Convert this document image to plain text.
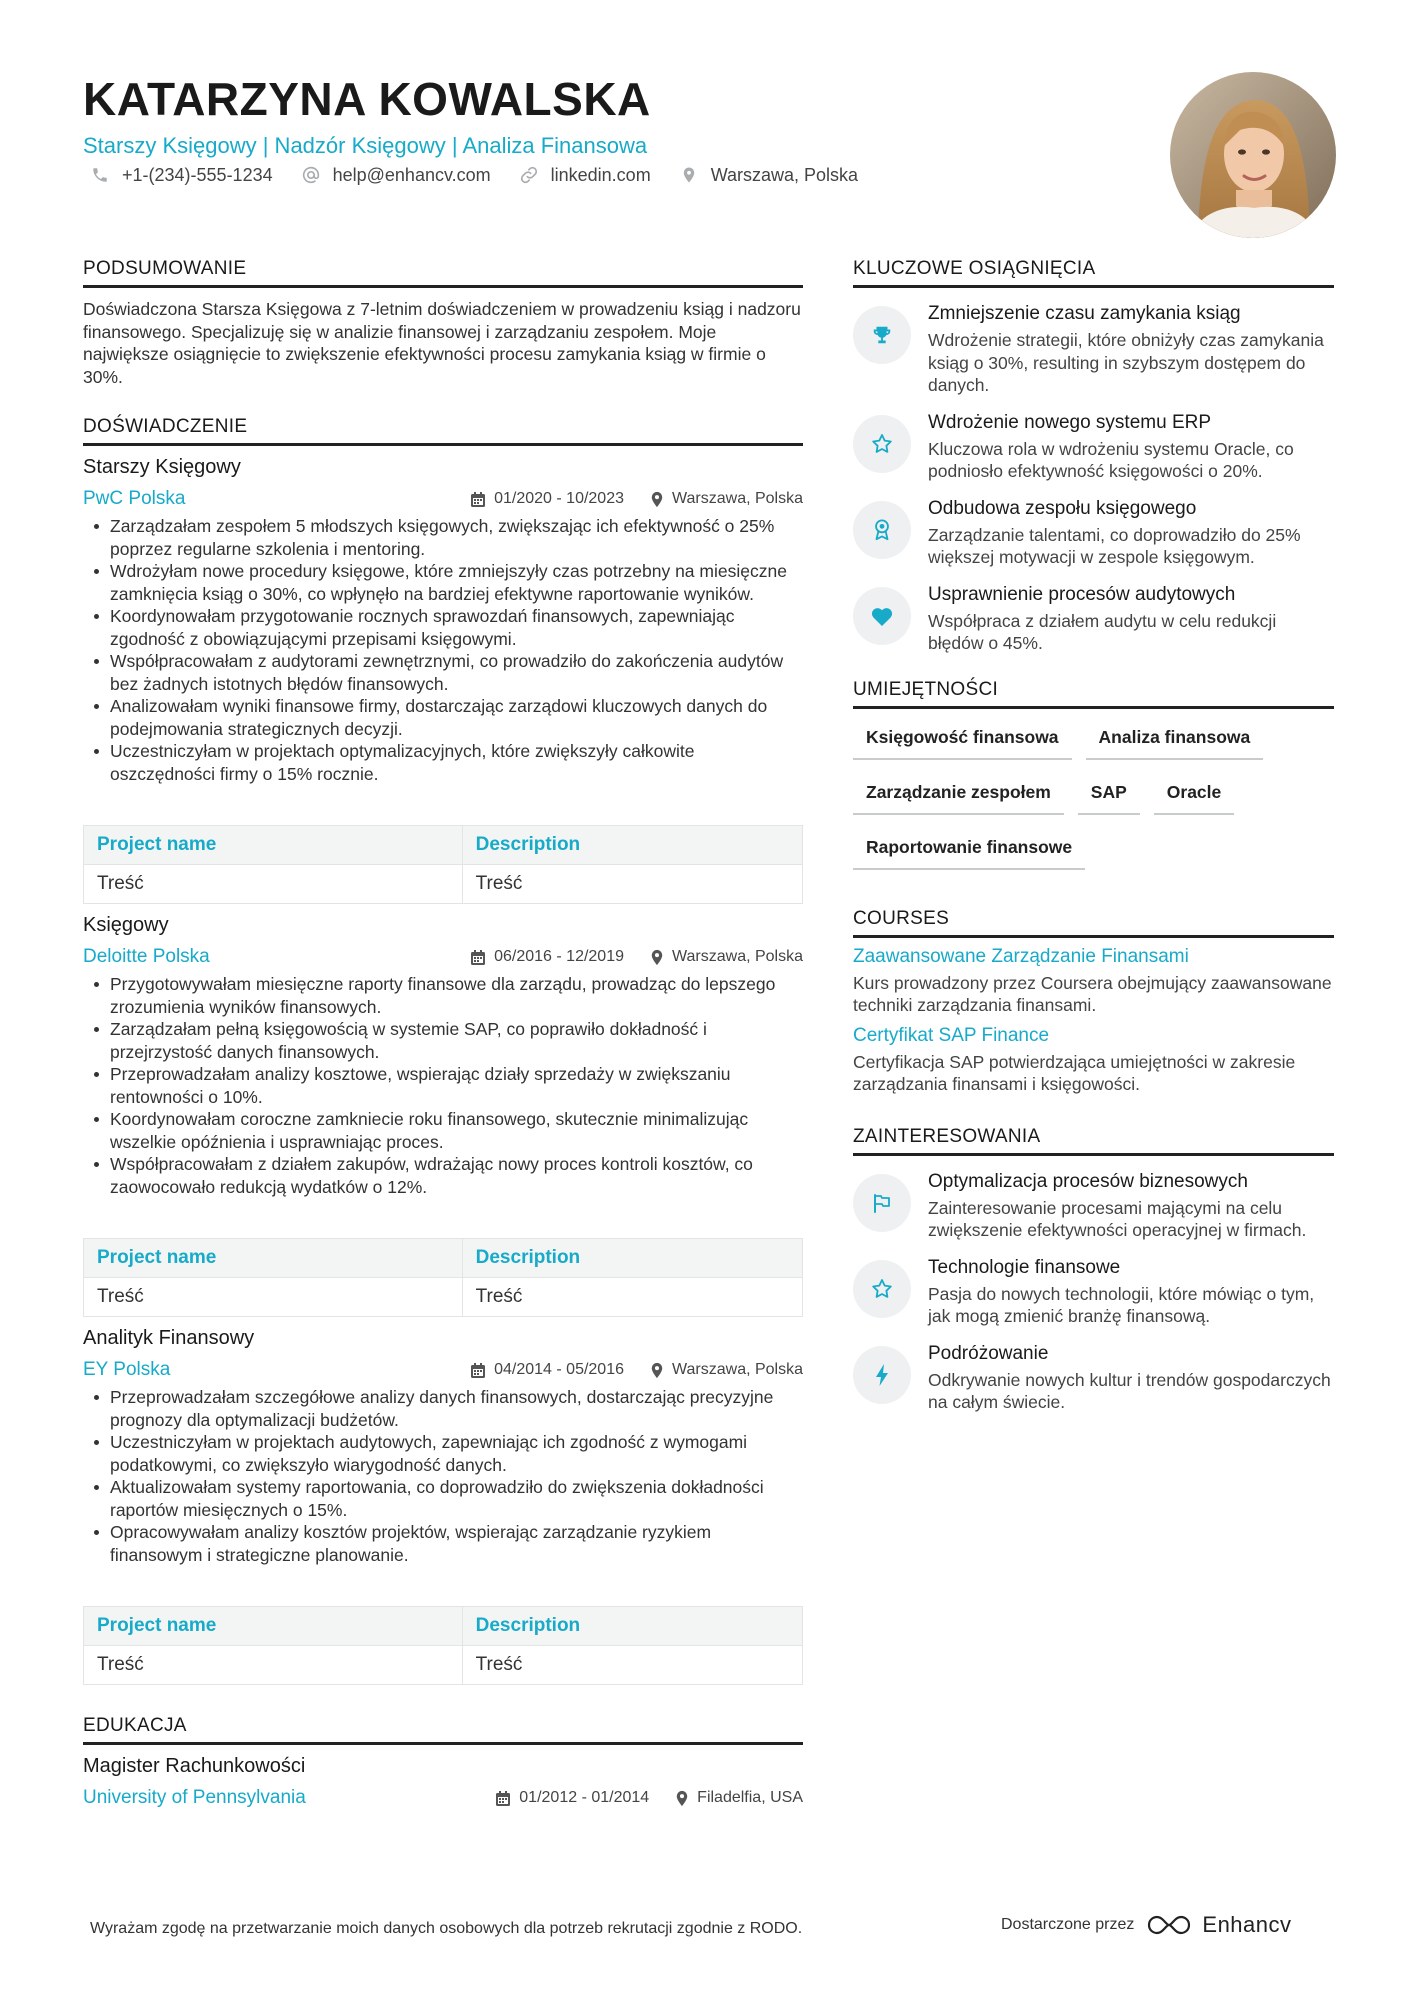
KATARZYNA KOWALSKA
Starszy Księgowy | Nadzór Księgowy | Analiza Finansowa
+1-(234)-555-1234	help@enhancv.com	linkedin.com	Warszawa, Polska
PODSUMOWANIE
Doświadczona Starsza Księgowa z 7-letnim doświadczeniem w prowadzeniu ksiąg i nadzoru finansowego. Specjalizuję się w analizie finansowej i zarządzaniu zespołem. Moje największe osiągnięcie to zwiększenie efektywności procesu zamykania ksiąg w firmie o 30%.
DOŚWIADCZENIE
Starszy Księgowy
PwC Polska	01/2020 - 10/2023	Warszawa, Polska
Zarządzałam zespołem 5 młodszych księgowych, zwiększając ich efektywność o 25% poprzez regularne szkolenia i mentoring.
Wdrożyłam nowe procedury księgowe, które zmniejszyły czas potrzebny na miesięczne zamknięcia ksiąg o 30%, co wpłynęło na bardziej efektywne raportowanie wyników.
Koordynowałam przygotowanie rocznych sprawozdań finansowych, zapewniając zgodność z obowiązującymi przepisami księgowymi.
Współpracowałam z audytorami zewnętrznymi, co prowadziło do zakończenia audytów bez żadnych istotnych błędów finansowych.
Analizowałam wyniki finansowe firmy, dostarczając zarządowi kluczowych danych do podejmowania strategicznych decyzji.
Uczestniczyłam w projektach optymalizacyjnych, które zwiększyły całkowite oszczędności firmy o 15% rocznie.
Project name	Description
Treść	Treść
Księgowy
Deloitte Polska	06/2016 - 12/2019	Warszawa, Polska
Przygotowywałam miesięczne raporty finansowe dla zarządu, prowadząc do lepszego zrozumienia wyników finansowych.
Zarządzałam pełną księgowością w systemie SAP, co poprawiło dokładność i przejrzystość danych finansowych.
Przeprowadzałam analizy kosztowe, wspierając działy sprzedaży w zwiększaniu rentowności o 10%.
Koordynowałam coroczne zamkniecie roku finansowego, skutecznie minimalizując wszelkie opóźnienia i usprawniając proces.
Współpracowałam z działem zakupów, wdrażając nowy proces kontroli kosztów, co zaowocowało redukcją wydatków o 12%.
Project name	Description
Treść	Treść
Analityk Finansowy
EY Polska	04/2014 - 05/2016	Warszawa, Polska
Przeprowadzałam szczegółowe analizy danych finansowych, dostarczając precyzyjne prognozy dla optymalizacji budżetów.
Uczestniczyłam w projektach audytowych, zapewniając ich zgodność z wymogami podatkowymi, co zwiększyło wiarygodność danych.
Aktualizowałam systemy raportowania, co doprowadziło do zwiększenia dokładności raportów miesięcznych o 15%.
Opracowywałam analizy kosztów projektów, wspierając zarządzanie ryzykiem finansowym i strategiczne planowanie.
Project name	Description
Treść	Treść
EDUKACJA
Magister Rachunkowości
University of Pennsylvania	01/2012 - 01/2014	Filadelfia, USA
KLUCZOWE OSIĄGNIĘCIA
Zmniejszenie czasu zamykania ksiąg
Wdrożenie strategii, które obniżyły czas zamykania ksiąg o 30%, resulting in szybszym dostępem do danych.
Wdrożenie nowego systemu ERP
Kluczowa rola w wdrożeniu systemu Oracle, co podniosło efektywność księgowości o 20%.
Odbudowa zespołu księgowego
Zarządzanie talentami, co doprowadziło do 25% większej motywacji w zespole księgowym.
Usprawnienie procesów audytowych
Współpraca z działem audytu w celu redukcji błędów o 45%.
UMIEJĘTNOŚCI
Księgowość finansowa	Analiza finansowa
Zarządzanie zespołem	SAP	Oracle
Raportowanie finansowe
COURSES
Zaawansowane Zarządzanie Finansami
Kurs prowadzony przez Coursera obejmujący zaawansowane techniki zarządzania finansami.
Certyfikat SAP Finance
Certyfikacja SAP potwierdzająca umiejętności w zakresie zarządzania finansami i księgowości.
ZAINTERESOWANIA
Optymalizacja procesów biznesowych
Zainteresowanie procesami mającymi na celu zwiększenie efektywności operacyjnej w firmach.
Technologie finansowe
Pasja do nowych technologii, które mówiąc o tym, jak mogą zmienić branżę finansową.
Podróżowanie
Odkrywanie nowych kultur i trendów gospodarczych na całym świecie.
Wyrażam zgodę na przetwarzanie moich danych osobowych dla potrzeb rekrutacji zgodnie z RODO.	Dostarczone przez	Enhancv
